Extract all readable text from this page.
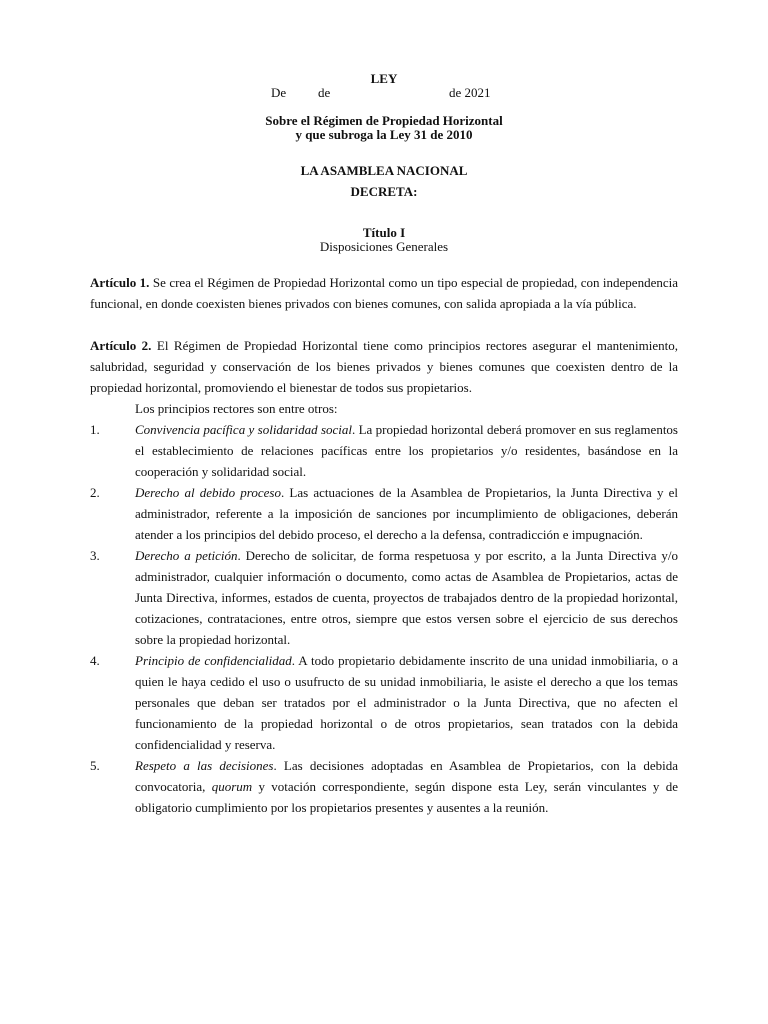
LEY
De de	de 2021
Sobre el Régimen de Propiedad Horizontal
y que subroga la Ley 31 de 2010
LA ASAMBLEA NACIONAL
DECRETA:
Título I
Disposiciones Generales
Artículo 1. Se crea el Régimen de Propiedad Horizontal como un tipo especial de propiedad, con independencia funcional, en donde coexisten bienes privados con bienes comunes, con salida apropiada a la vía pública.
Artículo 2. El Régimen de Propiedad Horizontal tiene como principios rectores asegurar el mantenimiento, salubridad, seguridad y conservación de los bienes privados y bienes comunes que coexisten dentro de la propiedad horizontal, promoviendo el bienestar de todos sus propietarios.
Los principios rectores son entre otros:
1.	Convivencia pacífica y solidaridad social. La propiedad horizontal deberá promover en sus reglamentos el establecimiento de relaciones pacíficas entre los propietarios y/o residentes, basándose en la cooperación y solidaridad social.
2.	Derecho al debido proceso. Las actuaciones de la Asamblea de Propietarios, la Junta Directiva y el administrador, referente a la imposición de sanciones por incumplimiento de obligaciones, deberán atender a los principios del debido proceso, el derecho a la defensa, contradicción e impugnación.
3.	Derecho a petición. Derecho de solicitar, de forma respetuosa y por escrito, a la Junta Directiva y/o administrador, cualquier información o documento, como actas de Asamblea de Propietarios, actas de Junta Directiva, informes, estados de cuenta, proyectos de trabajados dentro de la propiedad horizontal, cotizaciones, contrataciones, entre otros, siempre que estos versen sobre el ejercicio de sus derechos sobre la propiedad horizontal.
4.	Principio de confidencialidad. A todo propietario debidamente inscrito de una unidad inmobiliaria, o a quien le haya cedido el uso o usufructo de su unidad inmobiliaria, le asiste el derecho a que los temas personales que deban ser tratados por el administrador o la Junta Directiva, que no afecten el funcionamiento de la propiedad horizontal o de otros propietarios, sean tratados con la debida confidencialidad y reserva.
5.	Respeto a las decisiones. Las decisiones adoptadas en Asamblea de Propietarios, con la debida convocatoria, quorum y votación correspondiente, según dispone esta Ley, serán vinculantes y de obligatorio cumplimiento por los propietarios presentes y ausentes a la reunión.
